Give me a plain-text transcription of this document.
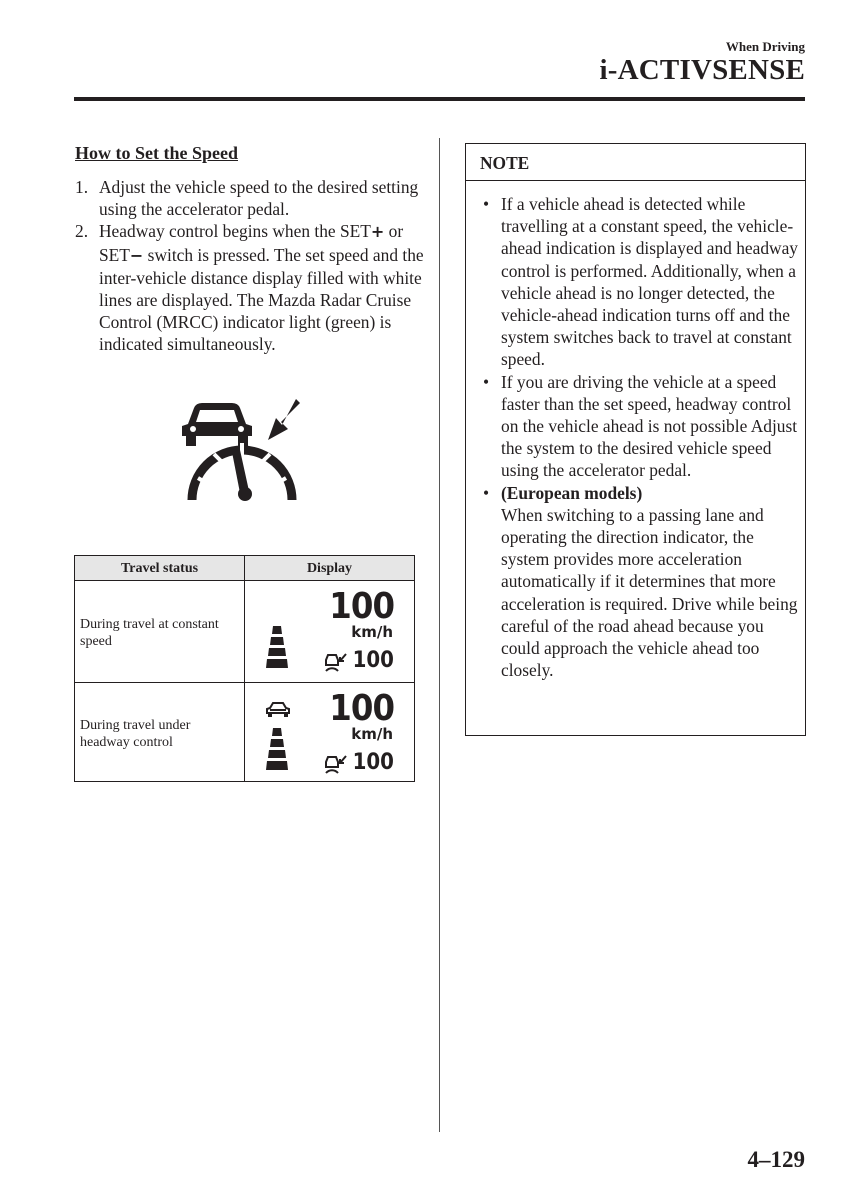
When Driving
i-ACTIVSENSE
How to Set the Speed
1. Adjust the vehicle speed to the desired setting using the accelerator pedal.
2. Headway control begins when the SET+ or SET− switch is pressed. The set speed and the inter-vehicle distance display filled with white lines are displayed. The Mazda Radar Cruise Control (MRCC) indicator light (green) is indicated simultaneously.
Travel status	Display
During travel at constant speed
100
km/h
100
During travel under headway control
100
km/h
100
NOTE
• If a vehicle ahead is detected while travelling at a constant speed, the vehicle-ahead indication is displayed and headway control is performed. Additionally, when a vehicle ahead is no longer detected, the vehicle-ahead indication turns off and the system switches back to travel at constant speed.
• If you are driving the vehicle at a speed faster than the set speed, headway control on the vehicle ahead is not possible Adjust the system to the desired vehicle speed using the accelerator pedal.
• (European models)
When switching to a passing lane and operating the direction indicator, the system provides more acceleration automatically if it determines that more acceleration is required. Drive while being careful of the road ahead because you could approach the vehicle ahead too closely.
4–129
